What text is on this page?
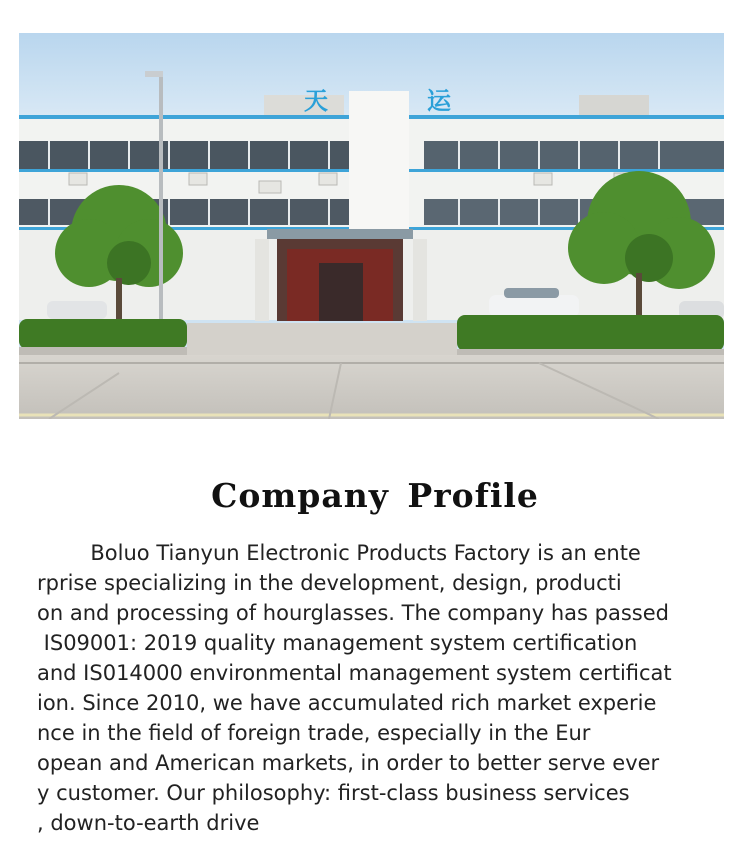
天	运
Company Profile
Boluo Tianyun Electronic Products Factory is an ente
rprise specializing in the development, design, producti
on and processing of hourglasses. The company has passed
IS09001: 2019 quality management system certification
and IS014000 environmental management system certificat
ion. Since 2010, we have accumulated rich market experie
nce in the field of foreign trade, especially in the Eur
opean and American markets, in order to better serve ever
y customer. Our philosophy: first-class business services
, down-to-earth drive
